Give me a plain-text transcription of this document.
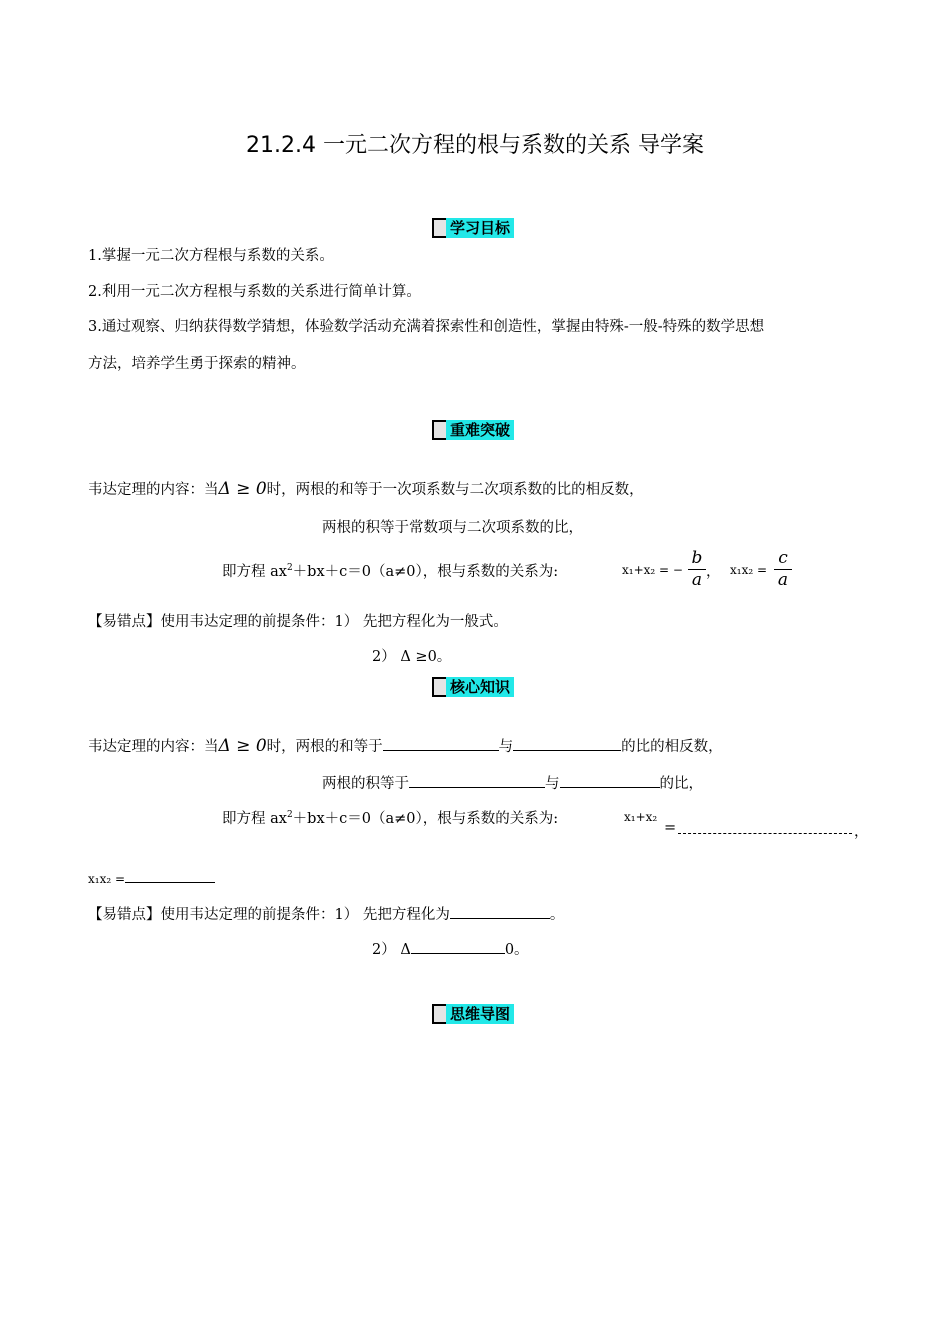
21.2.4 一元二次方程的根与系数的关系 导学案
学习目标
1.掌握一元二次方程根与系数的关系。
2.利用一元二次方程根与系数的关系进行简单计算。
3.通过观察、归纳获得数学猜想，体验数学活动充满着探索性和创造性，掌握由特殊-一般-特殊的数学思想
方法，培养学生勇于探索的精神。
重难突破
韦达定理的内容：当Δ ≥ 0时，两根的和等于一次项系数与二次项系数的比的相反数，
两根的积等于常数项与二次项系数的比，
即方程 $ax^2+bx+c=0(a\ne 0)$，根与系数的关系为:	x₁+x₂ = − $\frac{b}{a}$ ， $x_1x_2 = \frac{c}{a}$
【易错点】使用韦达定理的前提条件：1） 先把方程化为一般式。
2） Δ ≥0。
核心知识
韦达定理的内容：当Δ ≥ 0时，两根的和等于	与	的比的相反数，
两根的积等于	与	的比，
即方程 $ax^2+bx+c=0(a\ne 0)$，根与系数的关系为:	x₁+x₂
=	，
x₁x₂ =
【易错点】使用韦达定理的前提条件：1） 先把方程化为	。
2） Δ	0。
思维导图
